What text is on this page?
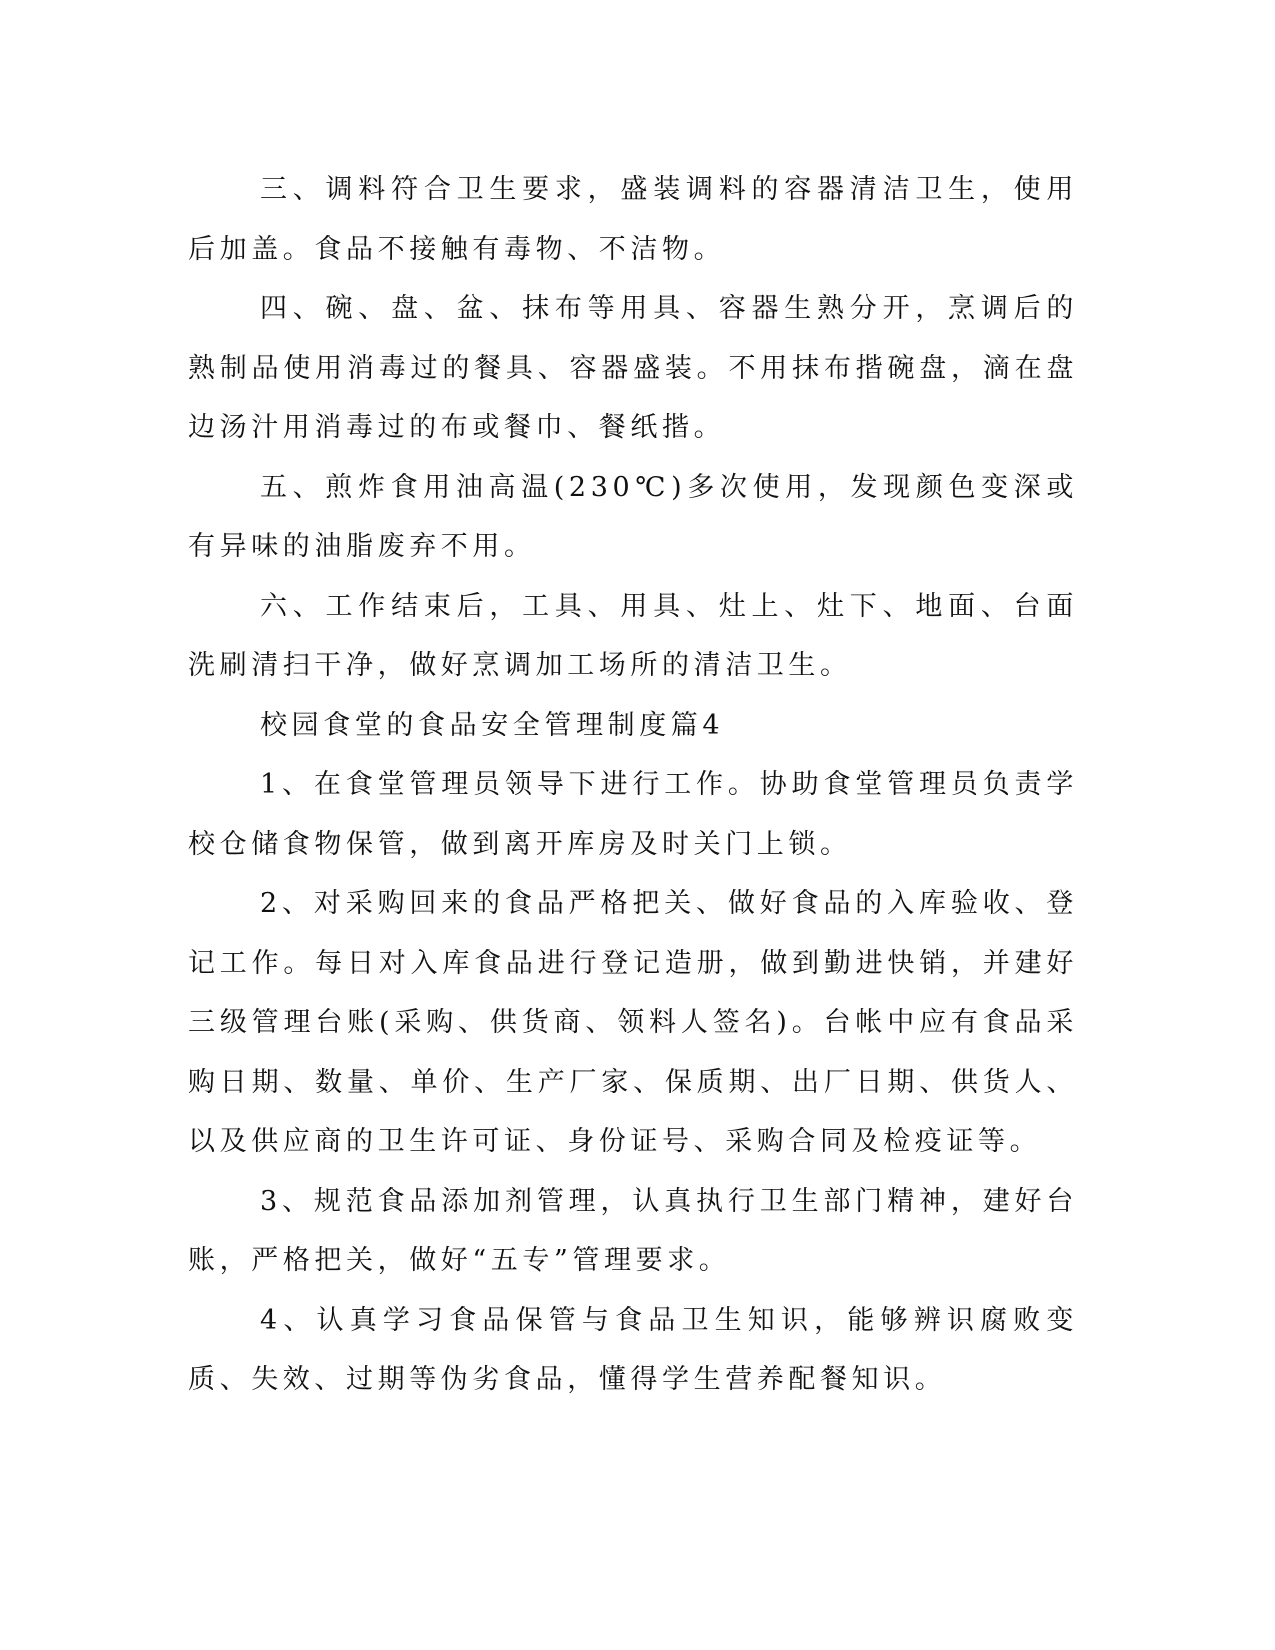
三、调料符合卫生要求，盛装调料的容器清洁卫生，使用后加盖。食品不接触有毒物、不洁物。

四、碗、盘、盆、抹布等用具、容器生熟分开，烹调后的熟制品使用消毒过的餐具、容器盛装。不用抹布揩碗盘，滴在盘边汤汁用消毒过的布或餐巾、餐纸揩。

五、煎炸食用油高温(230℃)多次使用，发现颜色变深或有异味的油脂废弃不用。

六、工作结束后，工具、用具、灶上、灶下、地面、台面洗刷清扫干净，做好烹调加工场所的清洁卫生。

校园食堂的食品安全管理制度篇4

1、在食堂管理员领导下进行工作。协助食堂管理员负责学校仓储食物保管，做到离开库房及时关门上锁。

2、对采购回来的食品严格把关、做好食品的入库验收、登记工作。每日对入库食品进行登记造册，做到勤进快销，并建好三级管理台账(采购、供货商、领料人签名)。台帐中应有食品采购日期、数量、单价、生产厂家、保质期、出厂日期、供货人、以及供应商的卫生许可证、身份证号、采购合同及检疫证等。

3、规范食品添加剂管理，认真执行卫生部门精神，建好台账，严格把关，做好“五专”管理要求。

4、认真学习食品保管与食品卫生知识，能够辨识腐败变质、失效、过期等伪劣食品，懂得学生营养配餐知识。
